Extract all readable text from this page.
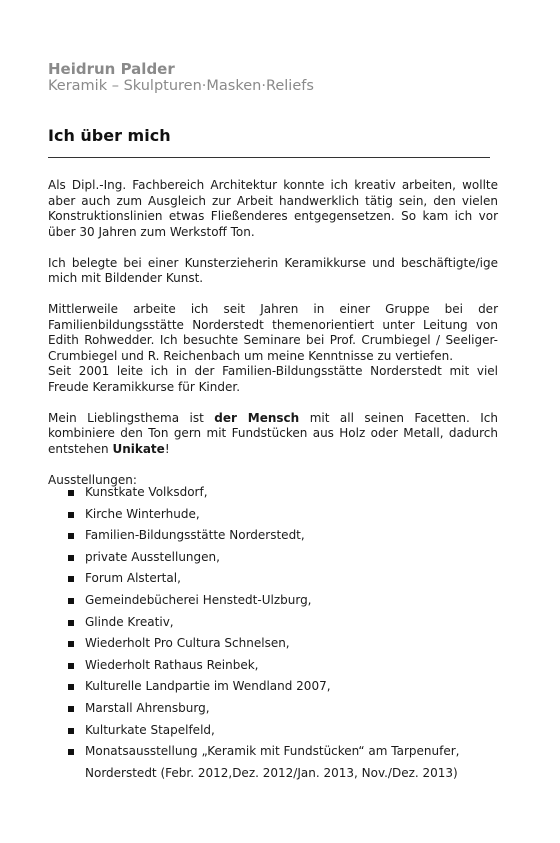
Heidrun Palder
Keramik – Skulpturen·Masken·Reliefs
Ich über mich

Als Dipl.-Ing. Fachbereich Architektur konnte ich kreativ arbeiten, wollte
aber auch zum Ausgleich zur Arbeit handwerklich tätig sein, den vielen
Konstruktionslinien etwas Fließenderes entgegensetzen. So kam ich vor
über 30 Jahren zum Werkstoff Ton.

Ich belegte bei einer Kunsterzieherin Keramikkurse und beschäftigte/ige
mich mit Bildender Kunst.

Mittlerweile arbeite ich seit Jahren in einer Gruppe bei der
Familienbildungsstätte Norderstedt themenorientiert unter Leitung von
Edith Rohwedder. Ich besuchte Seminare bei Prof. Crumbiegel / Seeliger-
Crumbiegel und R. Reichenbach um meine Kenntnisse zu vertiefen.

Seit 2001 leite ich in der Familien-Bildungsstätte Norderstedt mit viel
Freude Keramikkurse für Kinder.

Mein Lieblingsthema ist der Mensch mit all seinen Facetten. Ich
kombiniere den Ton gern mit Fundstücken aus Holz oder Metall, dadurch
entstehen Unikate!

Ausstellungen:

Kunstkate Volksdorf,
Kirche Winterhude,
Familien-Bildungsstätte Norderstedt,
private Ausstellungen,
Forum Alstertal,
Gemeindebücherei Henstedt-Ulzburg,
Glinde Kreativ,
Wiederholt Pro Cultura Schnelsen,
Wiederholt Rathaus Reinbek,
Kulturelle Landpartie im Wendland 2007,
Marstall Ahrensburg,
Kulturkate Stapelfeld,
Monatsausstellung „Keramik mit Fundstücken“ am Tarpenufer,
Norderstedt (Febr. 2012,Dez. 2012/Jan. 2013, Nov./Dez. 2013)
